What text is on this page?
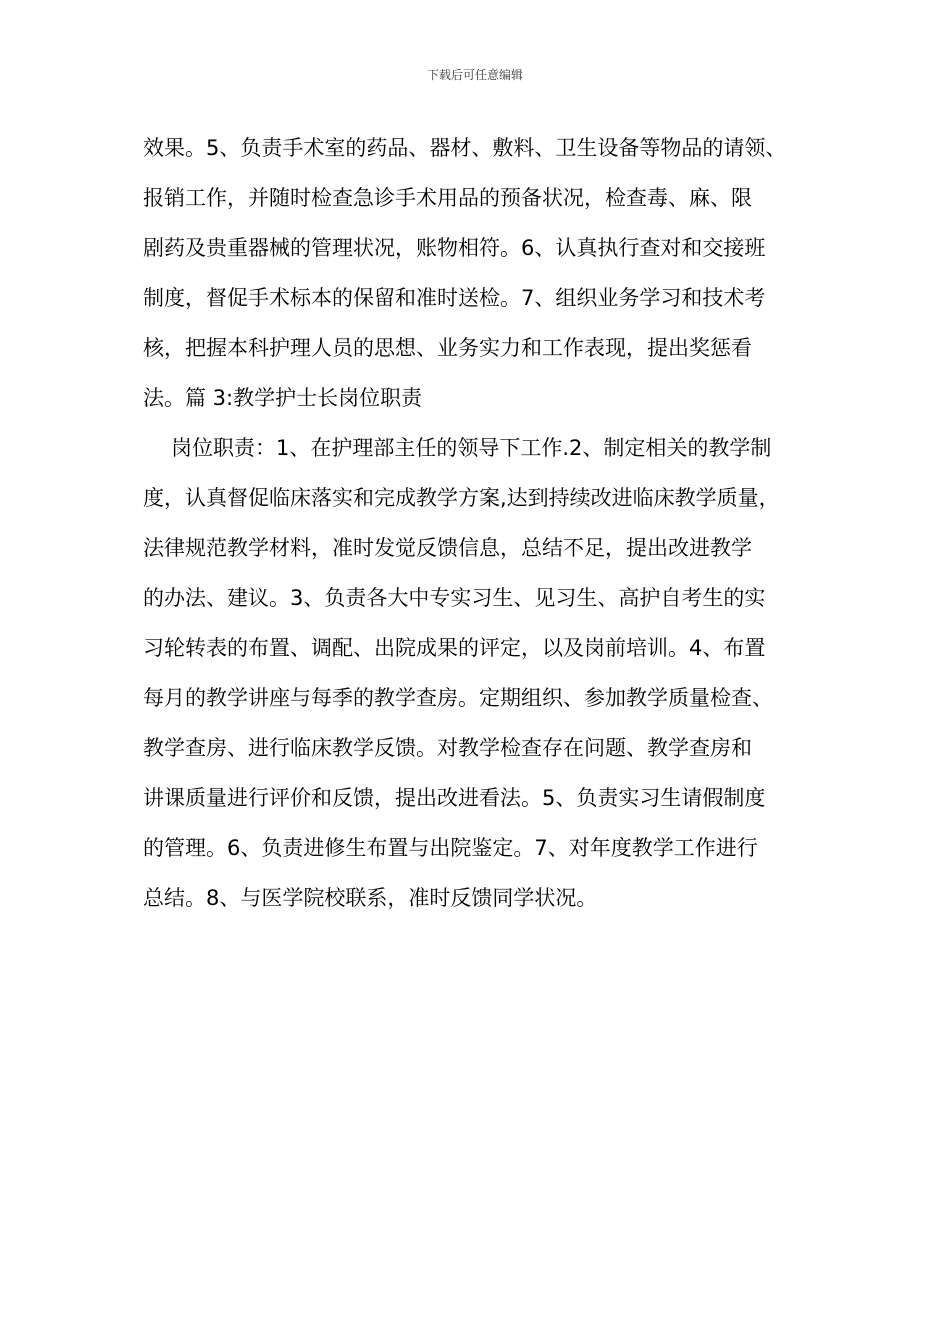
下载后可任意编辑
效果。5、负责手术室的药品、器材、敷料、卫生设备等物品的请领、
报销工作，并随时检查急诊手术用品的预备状况，检查毒、麻、限
剧药及贵重器械的管理状况，账物相符。6、认真执行查对和交接班
制度，督促手术标本的保留和准时送检。7、组织业务学习和技术考
核，把握本科护理人员的思想、业务实力和工作表现，提出奖惩看
法。篇 3:教学护士长岗位职责
岗位职责：1、在护理部主任的领导下工作.2、制定相关的教学制
度，认真督促临床落实和完成教学方案,达到持续改进临床教学质量，
法律规范教学材料，准时发觉反馈信息，总结不足，提出改进教学
的办法、建议。3、负责各大中专实习生、见习生、高护自考生的实
习轮转表的布置、调配、出院成果的评定，以及岗前培训。4、布置
每月的教学讲座与每季的教学查房。定期组织、参加教学质量检查、
教学查房、进行临床教学反馈。对教学检查存在问题、教学查房和
讲课质量进行评价和反馈，提出改进看法。5、负责实习生请假制度
的管理。6、负责进修生布置与出院鉴定。7、对年度教学工作进行
总结。8、与医学院校联系，准时反馈同学状况。
